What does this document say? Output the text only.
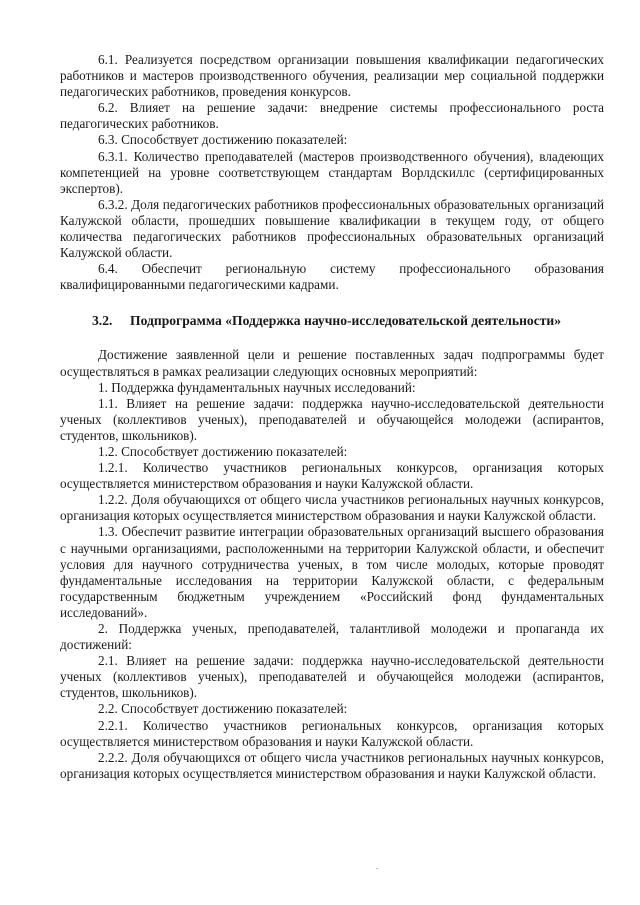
6.1. Реализуется посредством организации повышения квалификации педагогических работников и мастеров производственного обучения, реализации мер социальной поддержки педагогических работников, проведения конкурсов.

6.2. Влияет на решение задачи: внедрение системы профессионального роста педагогических работников.

6.3. Способствует достижению показателей:

6.3.1. Количество преподавателей (мастеров производственного обучения), владеющих компетенцией на уровне соответствующем стандартам Ворлдскиллс (сертифицированных экспертов).

6.3.2. Доля педагогических работников профессиональных образовательных организаций Калужской области, прошедших повышение квалификации в текущем году, от общего количества педагогических работников профессиональных образовательных организаций Калужской области.

6.4. Обеспечит региональную систему профессионального образования квалифицированными педагогическими кадрами.

3.2. Подпрограмма «Поддержка научно-исследовательской деятельности»

Достижение заявленной цели и решение поставленных задач подпрограммы будет осуществляться в рамках реализации следующих основных мероприятий:

1. Поддержка фундаментальных научных исследований:

1.1. Влияет на решение задачи: поддержка научно-исследовательской деятельности ученых (коллективов ученых), преподавателей и обучающейся молодежи (аспирантов, студентов, школьников).

1.2. Способствует достижению показателей:

1.2.1. Количество участников региональных конкурсов, организация которых осуществляется министерством образования и науки Калужской области.

1.2.2. Доля обучающихся от общего числа участников региональных научных конкурсов, организация которых осуществляется министерством образования и науки Калужской области.

1.3. Обеспечит развитие интеграции образовательных организаций высшего образования с научными организациями, расположенными на территории Калужской области, и обеспечит условия для научного сотрудничества ученых, в том числе молодых, которые проводят фундаментальные исследования на территории Калужской области, с федеральным государственным бюджетным учреждением «Российский фонд фундаментальных исследований».

2. Поддержка ученых, преподавателей, талантливой молодежи и пропаганда их достижений:

2.1. Влияет на решение задачи: поддержка научно-исследовательской деятельности ученых (коллективов ученых), преподавателей и обучающейся молодежи (аспирантов, студентов, школьников).

2.2. Способствует достижению показателей:

2.2.1. Количество участников региональных конкурсов, организация которых осуществляется министерством образования и науки Калужской области.

2.2.2. Доля обучающихся от общего числа участников региональных научных конкурсов, организация которых осуществляется министерством образования и науки Калужской области.
